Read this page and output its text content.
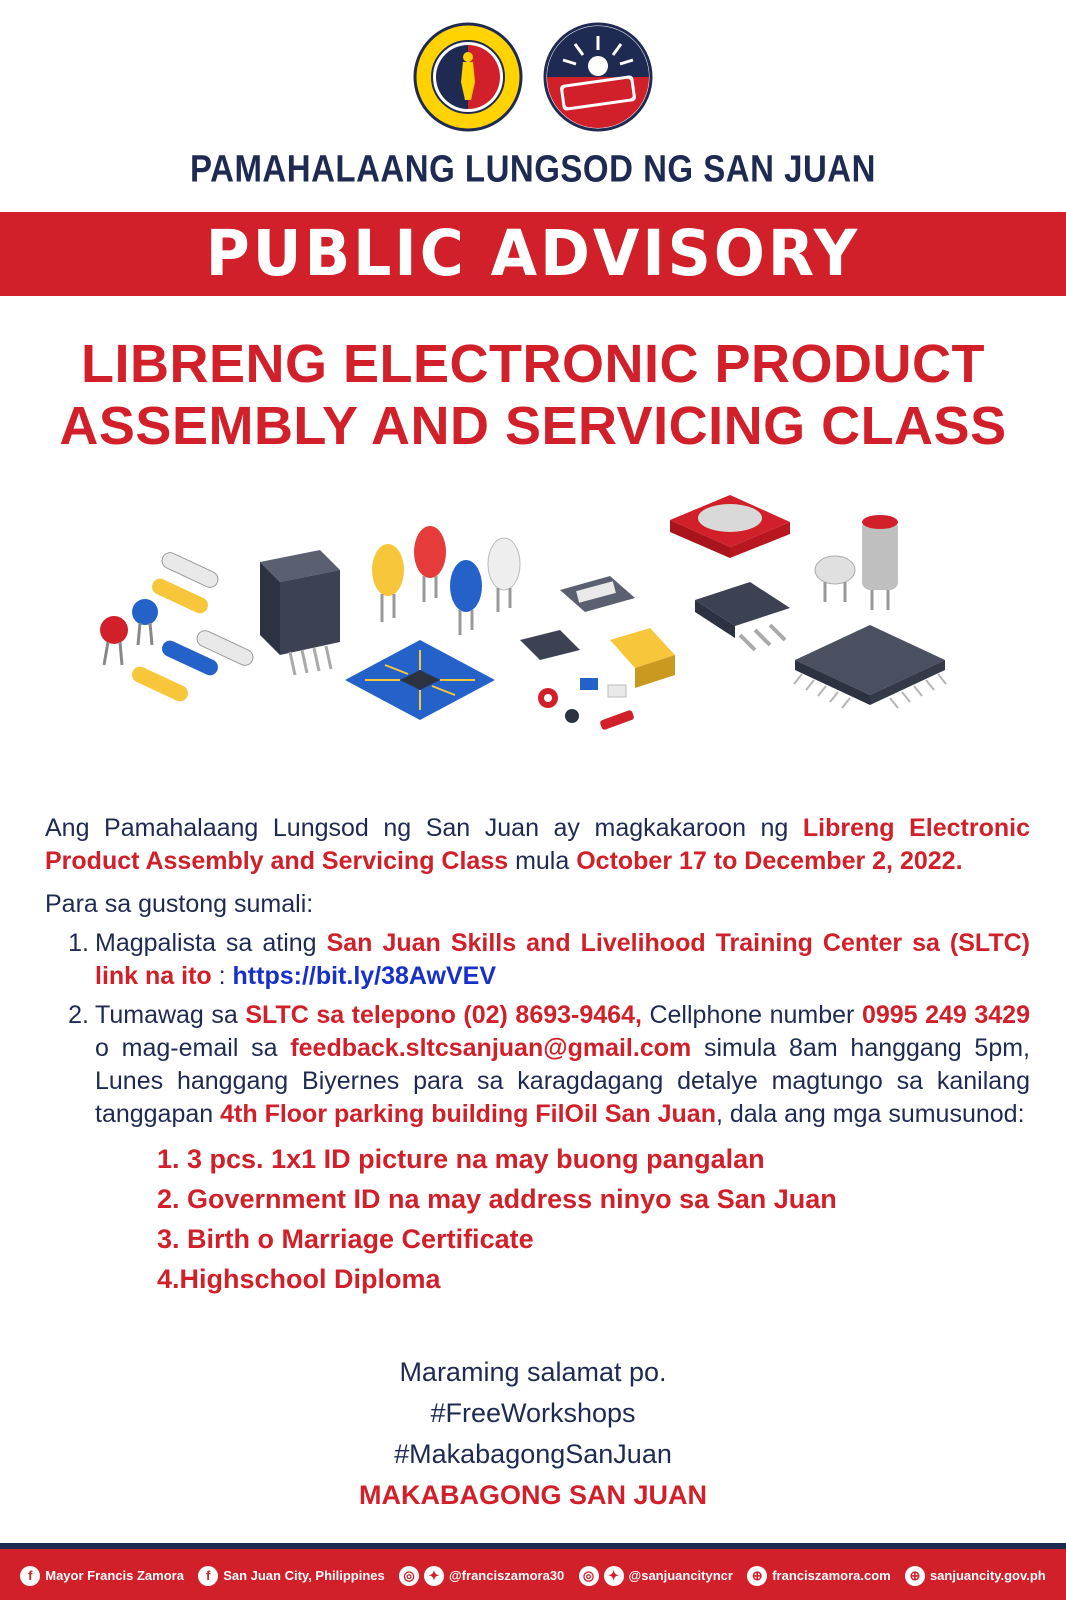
PAMAHALAANG LUNGSOD NG SAN JUAN
PUBLIC ADVISORY
LIBRENG ELECTRONIC PRODUCT
ASSEMBLY AND SERVICING CLASS

Ang Pamahalaang Lungsod ng San Juan ay magkakaroon ng Libreng Electronic Product Assembly and Servicing Class mula October 17 to December 2, 2022.

Para sa gustong sumali:

1. Magpalista sa ating San Juan Skills and Livelihood Training Center sa (SLTC) link na ito : https://bit.ly/38AwVEV
2. Tumawag sa SLTC sa telepono (02) 8693-9464, Cellphone number 0995 249 3429 o mag-email sa feedback.sltcsanjuan@gmail.com simula 8am hanggang 5pm, Lunes hanggang Biyernes para sa karagdagang detalye magtungo sa kanilang tanggapan 4th Floor parking building FilOil San Juan, dala ang mga sumusunod:
1. 3 pcs. 1x1 ID picture na may buong pangalan
2. Government ID na may address ninyo sa San Juan
3. Birth o Marriage Certificate
4.Highschool Diploma
Maraming salamat po.
#FreeWorkshops
#MakabagongSanJuan
MAKABAGONG SAN JUAN
f Mayor Francis Zamora	f San Juan City, Philippines	◎	✦ @franciszamora30	◎	✦ @sanjuancityncr	⊕ franciszamora.com	⊕ sanjuancity.gov.ph
